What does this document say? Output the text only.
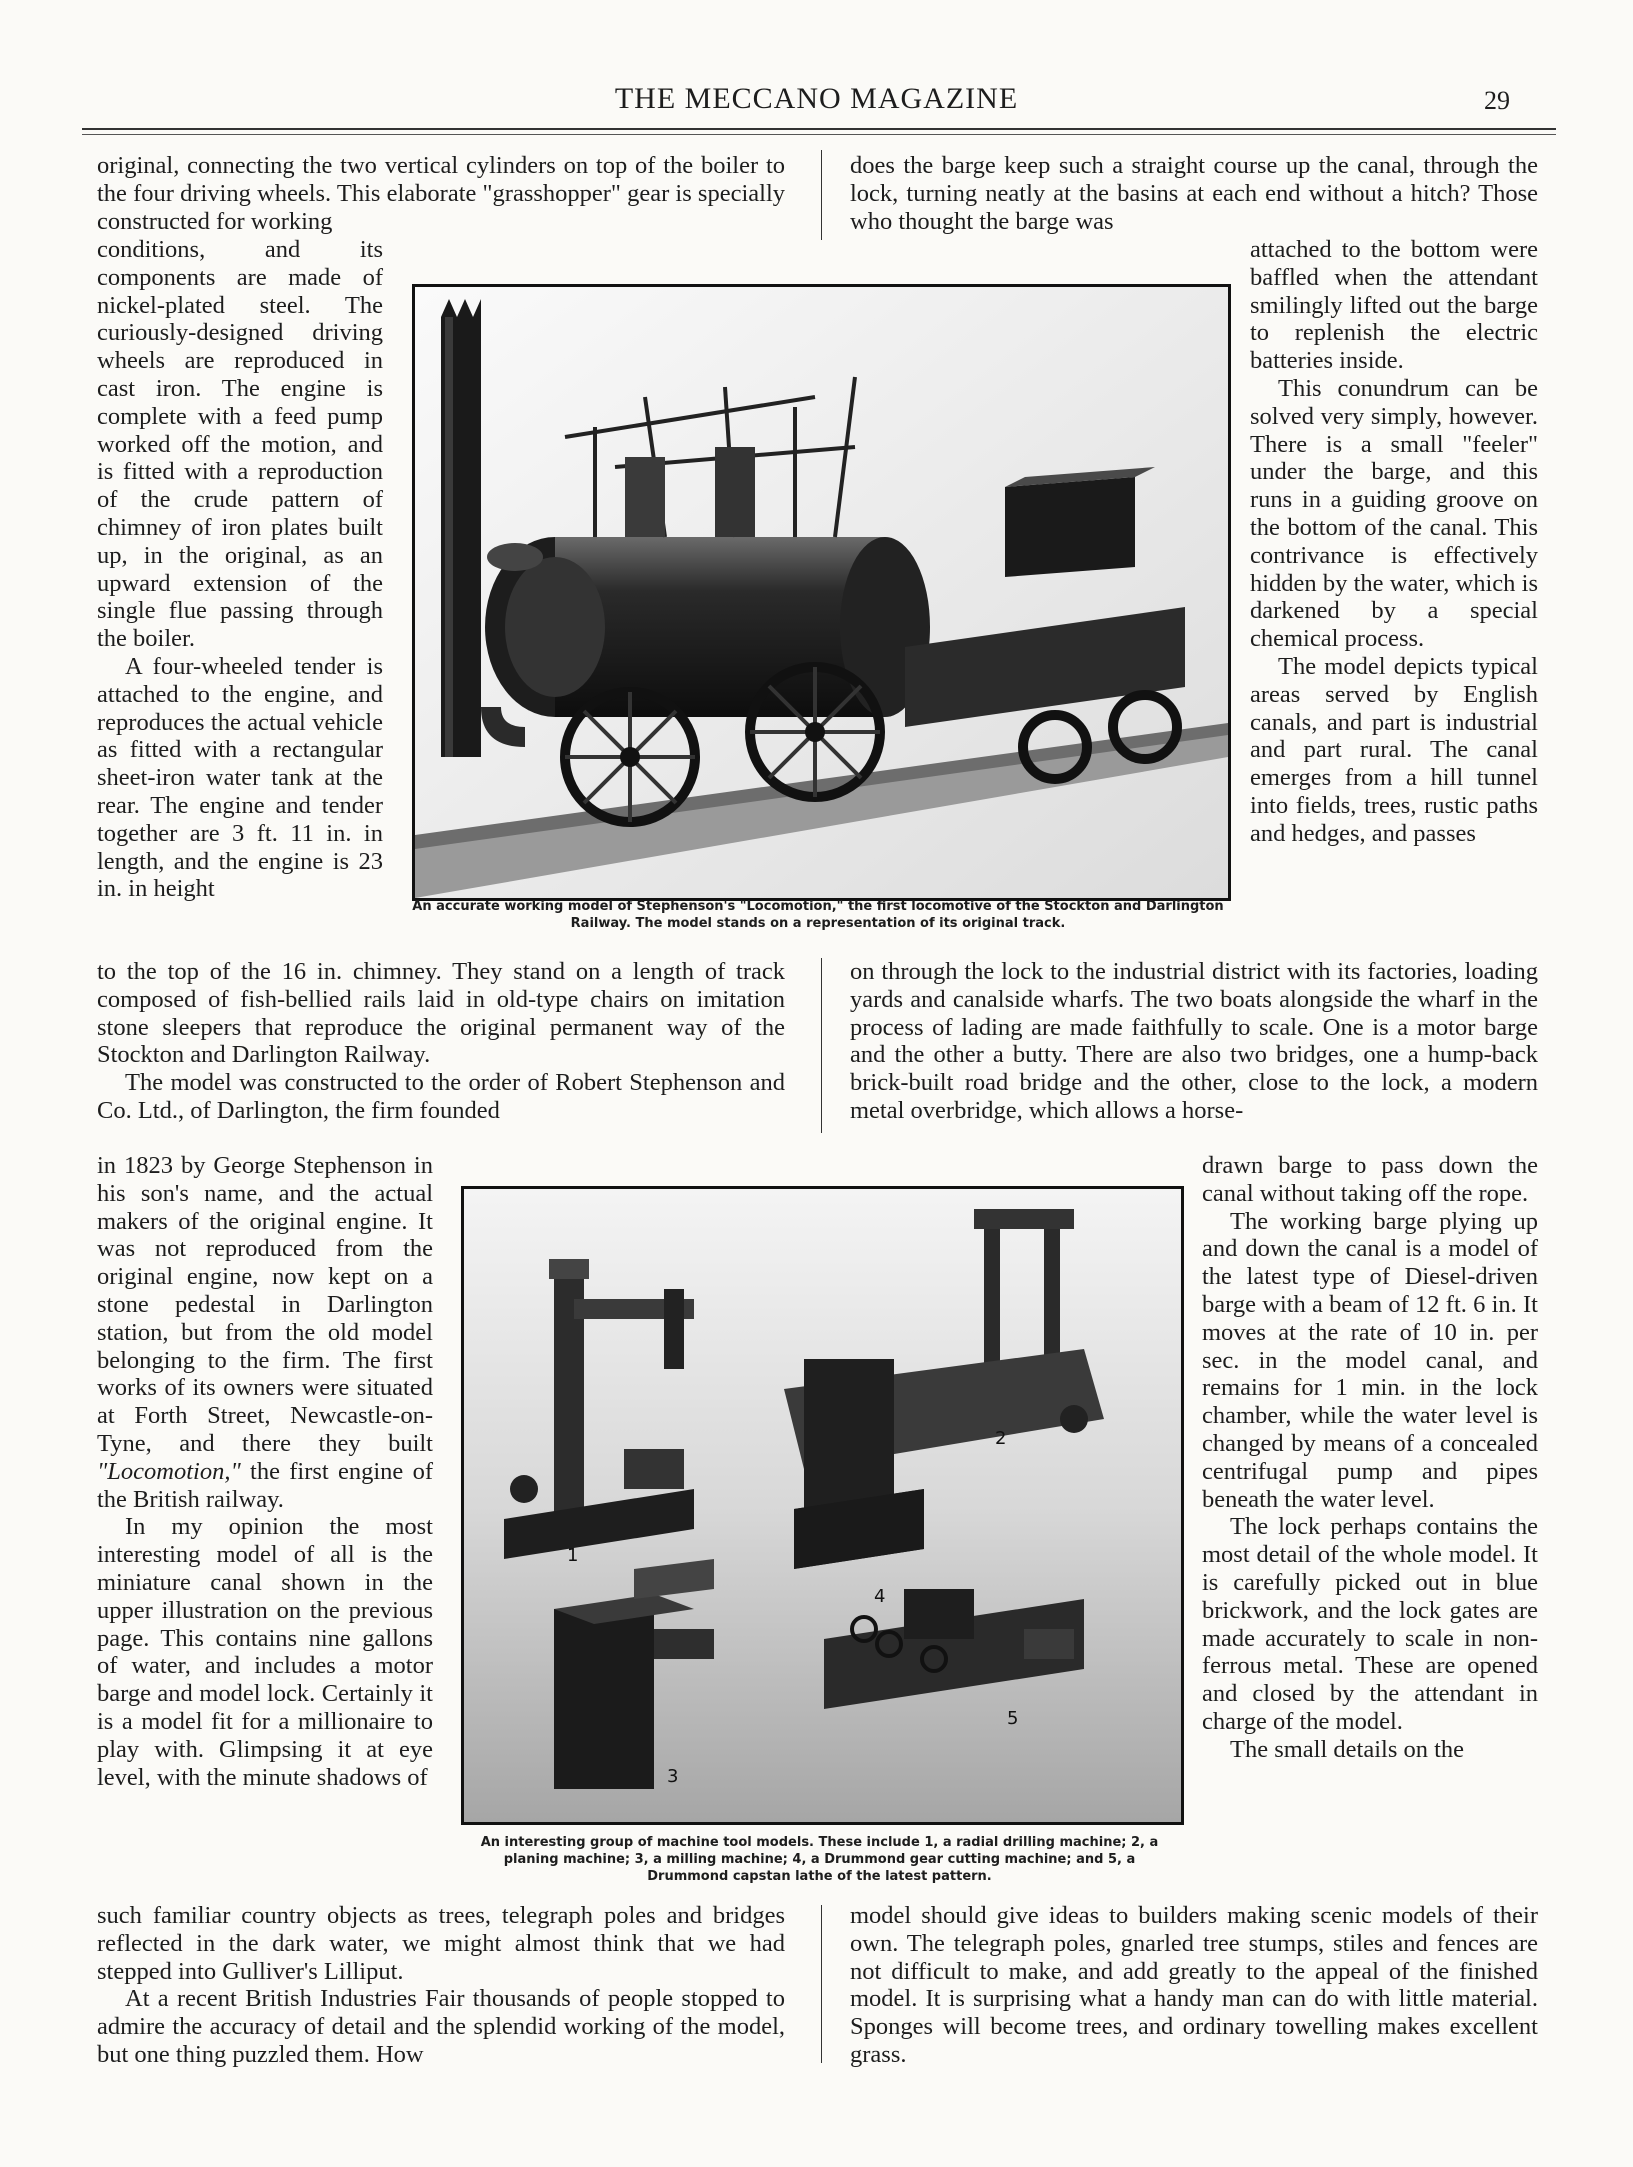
THE MECCANO MAGAZINE	29

original, connecting the two vertical cylinders on top of the boiler to the four driving wheels. This elaborate "grasshopper" gear is specially constructed for working

conditions, and its components are made of nickel-plated steel. The curiously-designed driving wheels are reproduced in cast iron. The engine is complete with a feed pump worked off the motion, and is fitted with a reproduction of the crude pattern of chimney of iron plates built up, in the original, as an upward extension of the single flue passing through the boiler.

A four-wheeled tender is attached to the engine, and reproduces the actual vehicle as fitted with a rectangular sheet-iron water tank at the rear. The engine and tender together are 3 ft. 11 in. in length, and the engine is 23 in. in height

to the top of the 16 in. chimney. They stand on a length of track composed of fish-bellied rails laid in old-type chairs on imitation stone sleepers that reproduce the original permanent way of the Stockton and Darlington Railway.

The model was constructed to the order of Robert Stephenson and Co. Ltd., of Darlington, the firm founded

in 1823 by George Stephenson in his son's name, and the actual makers of the original engine. It was not reproduced from the original engine, now kept on a stone pedestal in Darlington station, but from the old model belonging to the firm. The first works of its owners were situated at Forth Street, Newcastle-on-Tyne, and there they built "Locomotion," the first engine of the British railway.

In my opinion the most interesting model of all is the miniature canal shown in the upper illustration on the previous page. This contains nine gallons of water, and includes a motor barge and model lock. Certainly it is a model fit for a millionaire to play with. Glimpsing it at eye level, with the minute shadows of

such familiar country objects as trees, telegraph poles and bridges reflected in the dark water, we might almost think that we had stepped into Gulliver's Lilliput.

At a recent British Industries Fair thousands of people stopped to admire the accuracy of detail and the splendid working of the model, but one thing puzzled them. How

does the barge keep such a straight course up the canal, through the lock, turning neatly at the basins at each end without a hitch? Those who thought the barge was

attached to the bottom were baffled when the attendant smilingly lifted out the barge to replenish the electric batteries inside.

This conundrum can be solved very simply, however. There is a small "feeler" under the barge, and this runs in a guiding groove on the bottom of the canal. This contrivance is effectively hidden by the water, which is darkened by a special chemical process.

The model depicts typical areas served by English canals, and part is industrial and part rural. The canal emerges from a hill tunnel into fields, trees, rustic paths and hedges, and passes

on through the lock to the industrial district with its factories, loading yards and canalside wharfs. The two boats alongside the wharf in the process of lading are made faithfully to scale. One is a motor barge and the other a butty. There are also two bridges, one a hump-back brick-built road bridge and the other, close to the lock, a modern metal overbridge, which allows a horse-

drawn barge to pass down the canal without taking off the rope.

The working barge plying up and down the canal is a model of the latest type of Diesel-driven barge with a beam of 12 ft. 6 in. It moves at the rate of 10 in. per sec. in the model canal, and remains for 1 min. in the lock chamber, while the water level is changed by means of a concealed centrifugal pump and pipes beneath the water level.

The lock perhaps contains the most detail of the whole model. It is carefully picked out in blue brickwork, and the lock gates are made accurately to scale in non-ferrous metal. These are opened and closed by the attendant in charge of the model.

The small details on the

model should give ideas to builders making scenic models of their own. The telegraph poles, gnarled tree stumps, stiles and fences are not difficult to make, and add greatly to the appeal of the finished model. It is surprising what a handy man can do with little material. Sponges will become trees, and ordinary towelling makes excellent grass.

An accurate working model of Stephenson's "Locomotion," the first locomotive of the Stockton and Darlington Railway. The model stands on a representation of its original track.
1
2
3
4
5
An interesting group of machine tool models. These include 1, a radial drilling machine; 2, a planing machine; 3, a milling machine; 4, a Drummond gear cutting machine; and 5, a Drummond capstan lathe of the latest pattern.
